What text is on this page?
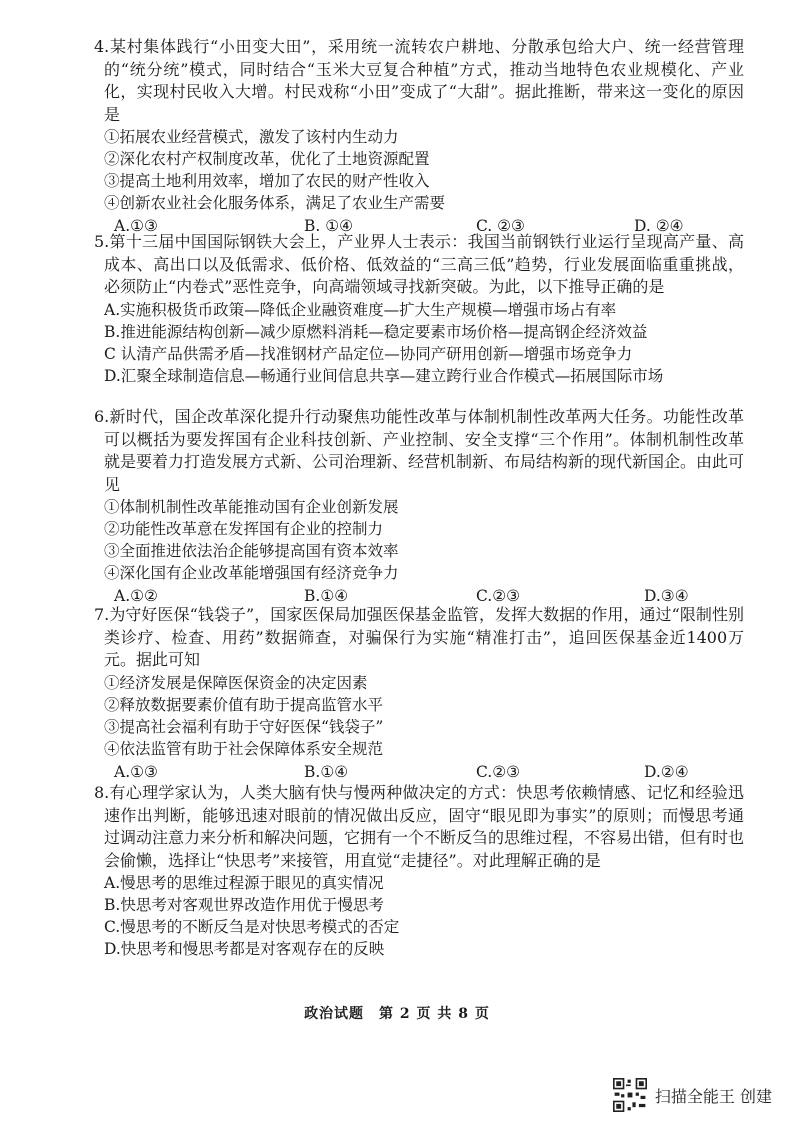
4.某村集体践行“小田变大田”，采用统一流转农户耕地、分散承包给大户、统一经营管理的“统分统”模式，同时结合“玉米大豆复合种植”方式，推动当地特色农业规模化、产业化，实现村民收入大增。村民戏称“小田”变成了“大甜”。据此推断，带来这一变化的原因是

①拓展农业经营模式，激发了该村内生动力
②深化农村产权制度改革，优化了土地资源配置
③提高土地利用效率，增加了农民的财产性收入
④创新农业社会化服务体系，满足了农业生产需要
A.①③	B. ①④	C. ②③	D. ②④

5.第十三届中国国际钢铁大会上，产业界人士表示：我国当前钢铁行业运行呈现高产量、高成本、高出口以及低需求、低价格、低效益的“三高三低”趋势，行业发展面临重重挑战，必须防止“内卷式”恶性竞争，向高端领域寻找新突破。为此，以下推导正确的是

A.实施积极货币政策—降低企业融资难度—扩大生产规模—增强市场占有率
B.推进能源结构创新—减少原燃料消耗—稳定要素市场价格—提高钢企经济效益
C 认清产品供需矛盾—找准钢材产品定位—协同产研用创新—增强市场竞争力
D.汇聚全球制造信息—畅通行业间信息共享—建立跨行业合作模式—拓展国际市场

6.新时代，国企改革深化提升行动聚焦功能性改革与体制机制性改革两大任务。功能性改革可以概括为要发挥国有企业科技创新、产业控制、安全支撑“三个作用”。体制机制性改革就是要着力打造发展方式新、公司治理新、经营机制新、布局结构新的现代新国企。由此可见

①体制机制性改革能推动国有企业创新发展
②功能性改革意在发挥国有企业的控制力
③全面推进依法治企能够提高国有资本效率
④深化国有企业改革能增强国有经济竞争力
A.①②	B.①④	C.②③	D.③④

7.为守好医保“钱袋子”，国家医保局加强医保基金监管，发挥大数据的作用，通过“限制性别类诊疗、检查、用药”数据筛查，对骗保行为实施“精准打击”，追回医保基金近1400万元。据此可知

①经济发展是保障医保资金的决定因素
②释放数据要素价值有助于提高监管水平
③提高社会福利有助于守好医保“钱袋子”
④依法监管有助于社会保障体系安全规范
A.①③	B.①④	C.②③	D.②④

8.有心理学家认为，人类大脑有快与慢两种做决定的方式：快思考依赖情感、记忆和经验迅速作出判断，能够迅速对眼前的情况做出反应，固守“眼见即为事实”的原则；而慢思考通过调动注意力来分析和解决问题，它拥有一个不断反刍的思维过程，不容易出错，但有时也会偷懒，选择让“快思考”来接管，用直觉“走捷径”。对此理解正确的是

A.慢思考的思维过程源于眼见的真实情况
B.快思考对客观世界改造作用优于慢思考
C.慢思考的不断反刍是对快思考模式的否定
D.快思考和慢思考都是对客观存在的反映
政治试题　第 2 页 共 8 页
扫描全能王 创建
